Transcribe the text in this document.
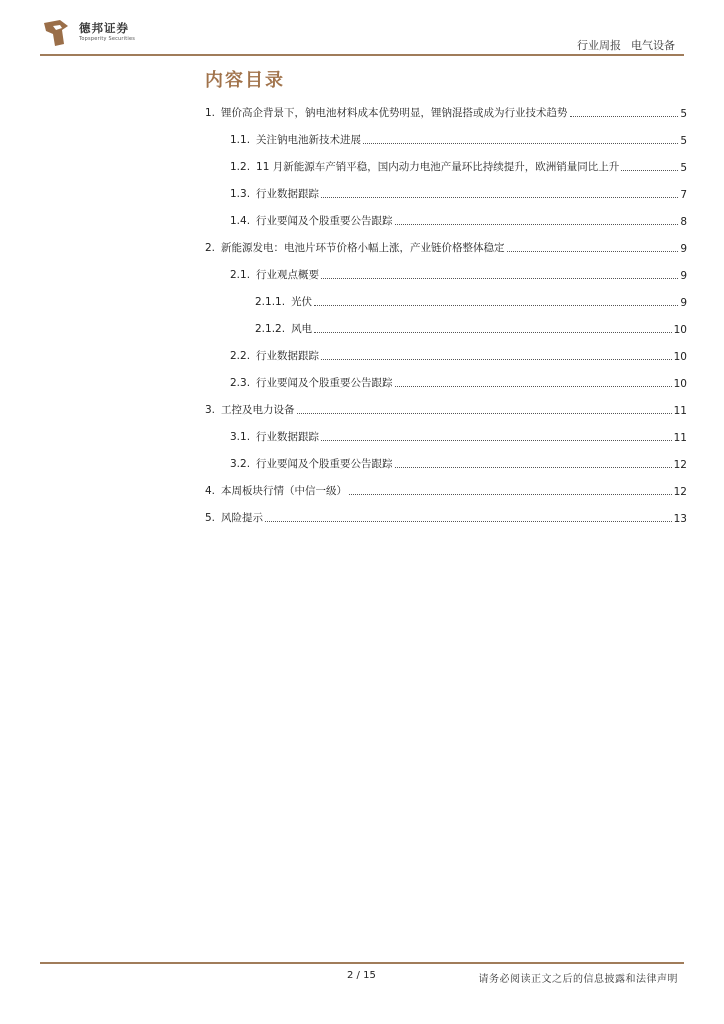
德邦证券
Topsperity Securities	行业周报 电气设备
内容目录
1. 锂价高企背景下，钠电池材料成本优势明显，锂钠混搭或成为行业技术趋势	5
1.1. 关注钠电池新技术进展	5
1.2. 11 月新能源车产销平稳，国内动力电池产量环比持续提升，欧洲销量同比上升	5
1.3. 行业数据跟踪	7
1.4. 行业要闻及个股重要公告跟踪	8
2. 新能源发电：电池片环节价格小幅上涨，产业链价格整体稳定	9
2.1. 行业观点概要	9
2.1.1. 光伏	9
2.1.2. 风电	10
2.2. 行业数据跟踪	10
2.3. 行业要闻及个股重要公告跟踪	10
3. 工控及电力设备	11
3.1. 行业数据跟踪	11
3.2. 行业要闻及个股重要公告跟踪	12
4. 本周板块行情（中信一级）	12
5. 风险提示	13
2 / 15	请务必阅读正文之后的信息披露和法律声明
